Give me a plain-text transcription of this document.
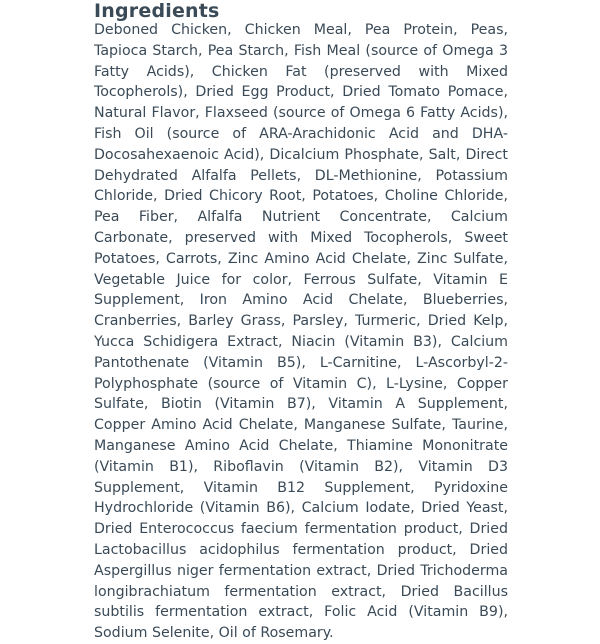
Ingredients

Deboned Chicken, Chicken Meal, Pea Protein, Peas, Tapioca Starch, Pea Starch, Fish Meal (source of Omega 3 Fatty Acids), Chicken Fat (preserved with Mixed Tocopherols), Dried Egg Product, Dried Tomato Pomace, Natural Flavor, Flaxseed (source of Omega 6 Fatty Acids), Fish Oil (source of ARA-Arachidonic Acid and DHA-Docosahexaenoic Acid), Dicalcium Phosphate, Salt, Direct Dehydrated Alfalfa Pellets, DL-Methionine, Potassium Chloride, Dried Chicory Root, Potatoes, Choline Chloride, Pea Fiber, Alfalfa Nutrient Concentrate, Calcium Carbonate, preserved with Mixed Tocopherols, Sweet Potatoes, Carrots, Zinc Amino Acid Chelate, Zinc Sulfate, Vegetable Juice for color, Ferrous Sulfate, Vitamin E Supplement, Iron Amino Acid Chelate, Blueberries, Cranberries, Barley Grass, Parsley, Turmeric, Dried Kelp, Yucca Schidigera Extract, Niacin (Vitamin B3), Calcium Pantothenate (Vitamin B5), L-Carnitine, L-Ascorbyl-2-Polyphosphate (source of Vitamin C), L-Lysine, Copper Sulfate, Biotin (Vitamin B7), Vitamin A Supplement, Copper Amino Acid Chelate, Manganese Sulfate, Taurine, Manganese Amino Acid Chelate, Thiamine Mononitrate (Vitamin B1), Riboflavin (Vitamin B2), Vitamin D3 Supplement, Vitamin B12 Supplement, Pyridoxine Hydrochloride (Vitamin B6), Calcium Iodate, Dried Yeast, Dried Enterococcus faecium fermentation product, Dried Lactobacillus acidophilus fermentation product, Dried Aspergillus niger fermentation extract, Dried Trichoderma longibrachiatum fermentation extract, Dried Bacillus subtilis fermentation extract, Folic Acid (Vitamin B9), Sodium Selenite, Oil of Rosemary.
